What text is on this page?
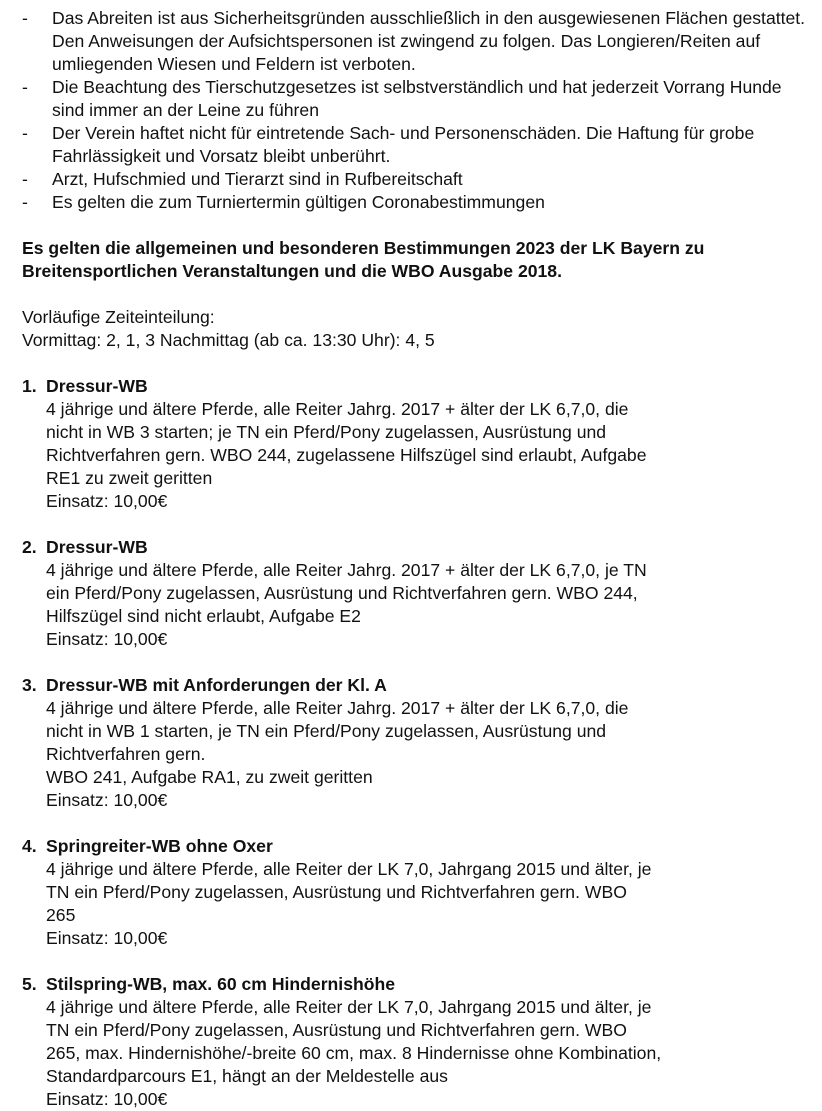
-	Das Abreiten ist aus Sicherheitsgründen ausschließlich in den ausgewiesenen Flächen gestattet. Den Anweisungen der Aufsichtspersonen ist zwingend zu folgen. Das Longieren/Reiten auf umliegenden Wiesen und Feldern ist verboten.
-	Die Beachtung des Tierschutzgesetzes ist selbstverständlich und hat jederzeit Vorrang Hunde sind immer an der Leine zu führen
-	Der Verein haftet nicht für eintretende Sach- und Personenschäden. Die Haftung für grobe Fahrlässigkeit und Vorsatz bleibt unberührt.
-	Arzt, Hufschmied und Tierarzt sind in Rufbereitschaft
-	Es gelten die zum Turniertermin gültigen Coronabestimmungen
Es gelten die allgemeinen und besonderen Bestimmungen 2023 der LK Bayern zu Breitensportlichen Veranstaltungen und die WBO Ausgabe 2018.
Vorläufige Zeiteinteilung:
Vormittag: 2, 1, 3 Nachmittag (ab ca. 13:30 Uhr): 4, 5
1. Dressur-WB
4 jährige und ältere Pferde, alle Reiter Jahrg. 2017 + älter der LK 6,7,0, die
nicht in WB 3 starten; je TN ein Pferd/Pony zugelassen, Ausrüstung und
Richtverfahren gern. WBO 244, zugelassene Hilfszügel sind erlaubt, Aufgabe
RE1 zu zweit geritten
Einsatz: 10,00€
2. Dressur-WB
4 jährige und ältere Pferde, alle Reiter Jahrg. 2017 + älter der LK 6,7,0, je TN
ein Pferd/Pony zugelassen, Ausrüstung und Richtverfahren gern. WBO 244,
Hilfszügel sind nicht erlaubt, Aufgabe E2
Einsatz: 10,00€
3. Dressur-WB mit Anforderungen der Kl. A
4 jährige und ältere Pferde, alle Reiter Jahrg. 2017 + älter der LK 6,7,0, die
nicht in WB 1 starten, je TN ein Pferd/Pony zugelassen, Ausrüstung und
Richtverfahren gern.
WBO 241, Aufgabe RA1, zu zweit geritten
Einsatz: 10,00€
4. Springreiter-WB ohne Oxer
4 jährige und ältere Pferde, alle Reiter der LK 7,0, Jahrgang 2015 und älter, je
TN ein Pferd/Pony zugelassen, Ausrüstung und Richtverfahren gern. WBO
265
Einsatz: 10,00€
5. Stilspring-WB, max. 60 cm Hindernishöhe
4 jährige und ältere Pferde, alle Reiter der LK 7,0, Jahrgang 2015 und älter, je
TN ein Pferd/Pony zugelassen, Ausrüstung und Richtverfahren gern. WBO
265, max. Hindernishöhe/-breite 60 cm, max. 8 Hindernisse ohne Kombination,
Standardparcours E1, hängt an der Meldestelle aus
Einsatz: 10,00€
